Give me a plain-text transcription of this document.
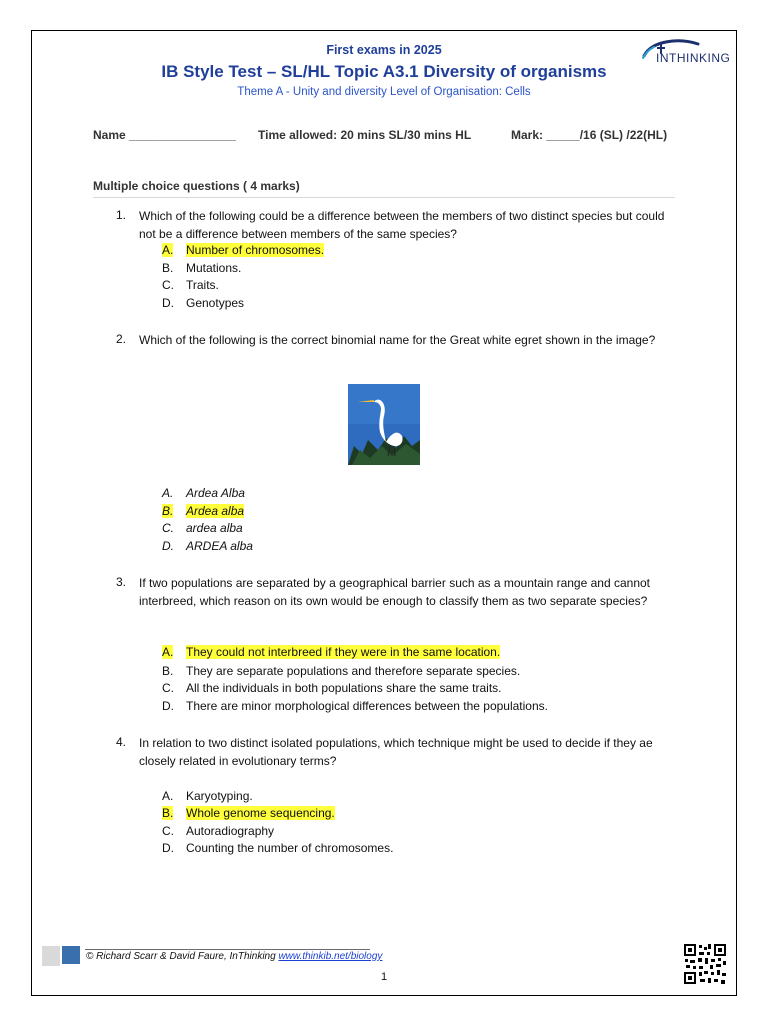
First exams in 2025
IB Style Test – SL/HL Topic A3.1 Diversity of organisms
Theme A - Unity and diversity Level of Organisation: Cells
INTHINKING
Name ________________ Time allowed: 20 mins SL/30 mins HL	Mark: _____/16 (SL) /22(HL)
Multiple choice questions ( 4 marks)
1. Which of the following could be a difference between the members of two distinct species but could not be a difference between members of the same species?
A. Number of chromosomes.
B. Mutations.
C. Traits.
D. Genotypes
2. Which of the following is the correct binomial name for the Great white egret shown in the image?
A. Ardea Alba
B. Ardea alba
C. ardea alba
D. ARDEA alba
3. If two populations are separated by a geographical barrier such as a mountain range and cannot interbreed, which reason on its own would be enough to classify them as two separate species?
A. They could not interbreed if they were in the same location.
B. They are separate populations and therefore separate species.
C. All the individuals in both populations share the same traits.
D. There are minor morphological differences between the populations.
4. In relation to two distinct isolated populations, which technique might be used to decide if they ae closely related in evolutionary terms?
A. Karyotyping.
B. Whole genome sequencing.
C. Autoradiography
D. Counting the number of chromosomes.
© Richard Scarr & David Faure, InThinking www.thinkib.net/biology
1
